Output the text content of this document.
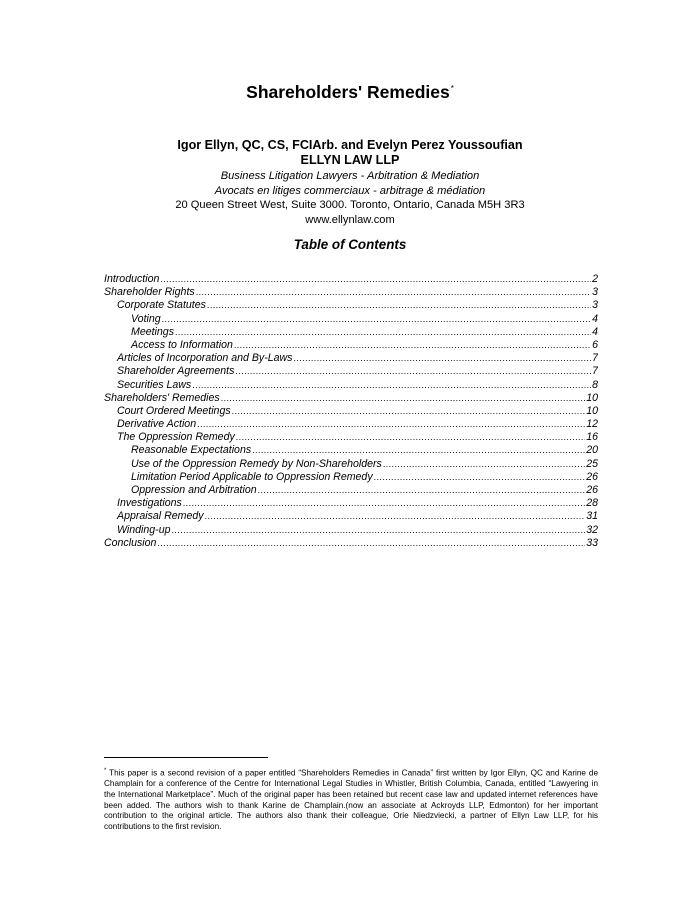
Shareholders' Remedies*
Igor Ellyn, QC, CS, FCIArb. and Evelyn Perez Youssoufian
ELLYN LAW LLP
Business Litigation Lawyers - Arbitration & Mediation
Avocats en litiges commerciaux - arbitrage & médiation
20 Queen Street West, Suite 3000. Toronto, Ontario, Canada M5H 3R3
www.ellynlaw.com
Table of Contents
Introduction .....	2
Shareholder Rights .....	3
Corporate Statutes .....	3
Voting .....	4
Meetings .....	4
Access to Information .....	6
Articles of Incorporation and By-Laws .....	7
Shareholder Agreements .....	7
Securities Laws .....	8
Shareholders' Remedies .....	10
Court Ordered Meetings .....	10
Derivative Action .....	12
The Oppression Remedy .....	16
Reasonable Expectations .....	20
Use of the Oppression Remedy by Non-Shareholders .....	25
Limitation Period Applicable to Oppression Remedy .....	26
Oppression and Arbitration .....	26
Investigations .....	28
Appraisal Remedy .....	31
Winding-up .....	32
Conclusion .....	33
* This paper is a second revision of a paper entitled “Shareholders Remedies in Canada” first written by Igor Ellyn, QC and Karine de Champlain for a conference of the Centre for International Legal Studies in Whistler, British Columbia, Canada, entitled “Lawyering in the International Marketplace”. Much of the original paper has been retained but recent case law and updated internet references have been added. The authors wish to thank Karine de Champlain.(now an associate at Ackroyds LLP, Edmonton) for her important contribution to the original article. The authors also thank their colleague, Orie Niedzviecki, a partner of Ellyn Law LLP, for his contributions to the first revision.
